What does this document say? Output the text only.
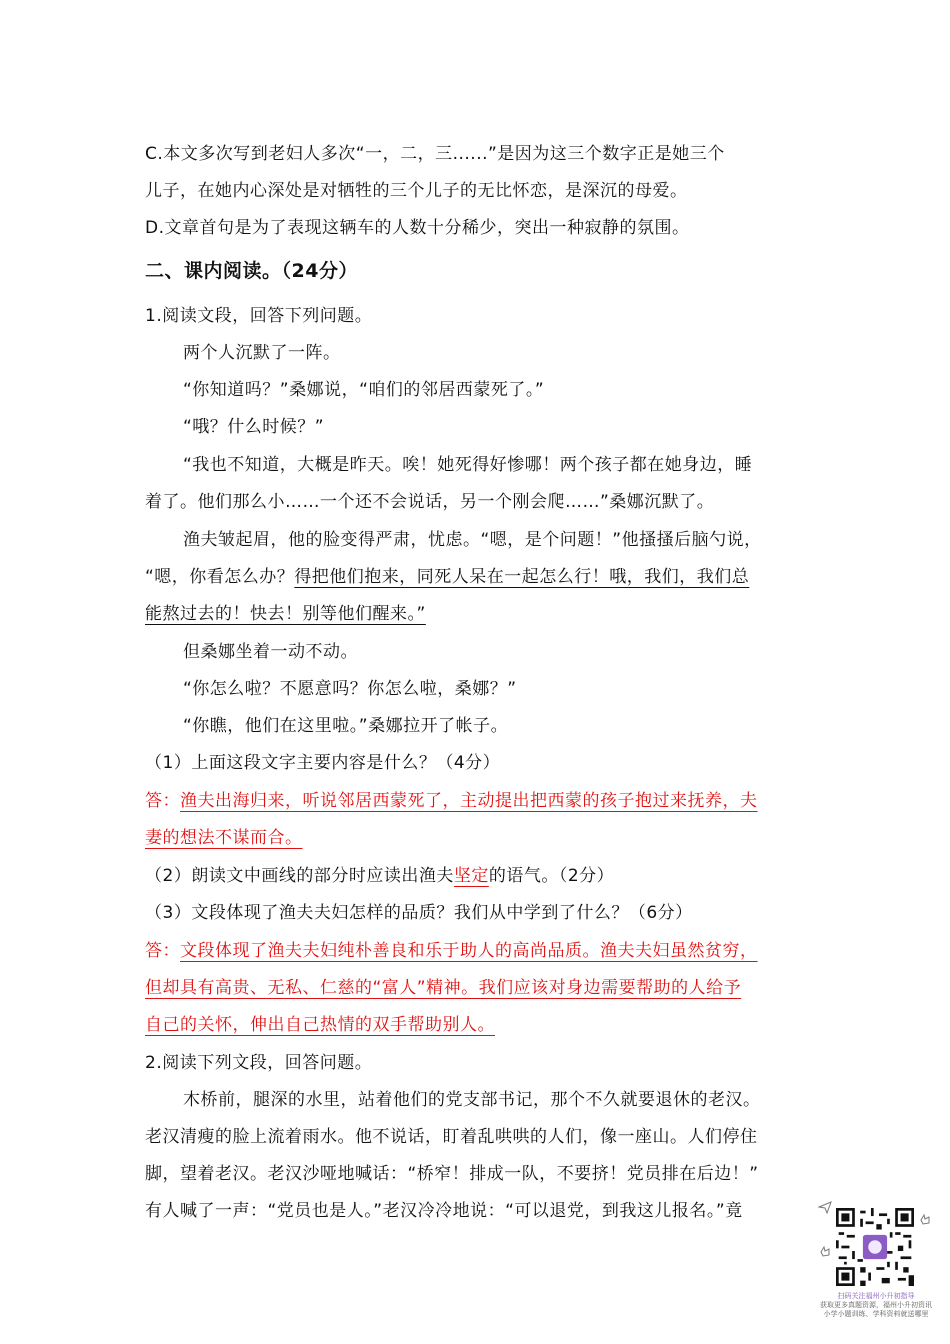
C.本文多次写到老妇人多次“一，二，三......”是因为这三个数字正是她三个
儿子，在她内心深处是对牺牲的三个儿子的无比怀恋，是深沉的母爱。
D.文章首句是为了表现这辆车的人数十分稀少，突出一种寂静的氛围。
二、课内阅读。（24分）
1.阅读文段，回答下列问题。
两个人沉默了一阵。
“你知道吗？”桑娜说，“咱们的邻居西蒙死了。”
“哦？什么时候？”
“我也不知道，大概是昨天。唉！她死得好惨哪！两个孩子都在她身边，睡
着了。他们那么小……一个还不会说话，另一个刚会爬……”桑娜沉默了。
渔夫皱起眉，他的脸变得严肃，忧虑。“嗯，是个问题！”他搔搔后脑勺说，
“嗯，你看怎么办？得把他们抱来，同死人呆在一起怎么行！哦，我们，我们总
能熬过去的！快去！别等他们醒来。”
但桑娜坐着一动不动。
“你怎么啦？不愿意吗？你怎么啦，桑娜？”
“你瞧，他们在这里啦。”桑娜拉开了帐子。
（1）上面这段文字主要内容是什么？（4分）
答：渔夫出海归来，听说邻居西蒙死了，主动提出把西蒙的孩子抱过来抚养，夫
妻的想法不谋而合。
（2）朗读文中画线的部分时应读出渔夫坚定的语气。（2分）
（3）文段体现了渔夫夫妇怎样的品质？我们从中学到了什么？（6分）
答：文段体现了渔夫夫妇纯朴善良和乐于助人的高尚品质。渔夫夫妇虽然贫穷，
但却具有高贵、无私、仁慈的“富人”精神。我们应该对身边需要帮助的人给予
自己的关怀，伸出自己热情的双手帮助别人。
2.阅读下列文段，回答问题。
木桥前，腿深的水里，站着他们的党支部书记，那个不久就要退休的老汉。
老汉清瘦的脸上流着雨水。他不说话，盯着乱哄哄的人们，像一座山。人们停住
脚，望着老汉。老汉沙哑地喊话：“桥窄！排成一队，不要挤！党员排在后边！”
有人喊了一声：“党员也是人。”老汉冷冷地说：“可以退党，到我这儿报名。”竟
扫码关注福州小升初指导
获取更多真题资源，福州小升初资讯
小学小题训练、学科资料就送哪里
